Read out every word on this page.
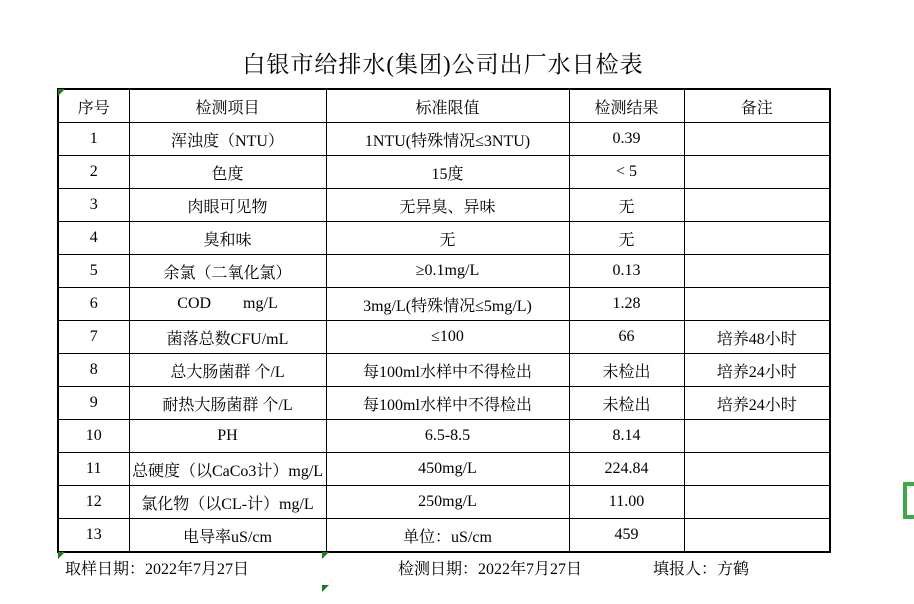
白银市给排水(集团)公司出厂水日检表
序号	检测项目	标准限值	检测结果	备注
1	浑浊度（NTU）	1NTU(特殊情况≤3NTU)	0.39	
2	色度	15度	< 5	
3	肉眼可见物	无异臭、异味	无	
4	臭和味	无	无	
5	余氯（二氧化氯）	≥0.1mg/L	0.13	
6	COD        mg/L	3mg/L(特殊情况≤5mg/L)	1.28	
7	菌落总数CFU/mL	≤100	66	培养48小时
8	总大肠菌群 个/L	每100ml水样中不得检出	未检出	培养24小时
9	耐热大肠菌群 个/L	每100ml水样中不得检出	未检出	培养24小时
10	PH	6.5-8.5	8.14	
11	总硬度（以CaCo3计）mg/L	450mg/L	224.84	
12	氯化物（以CL-计）mg/L	250mg/L	11.00	
13	电导率uS/cm	单位：uS/cm	459	
取样日期：2022年7月27日	检测日期：2022年7月27日	填报人：方鹤
